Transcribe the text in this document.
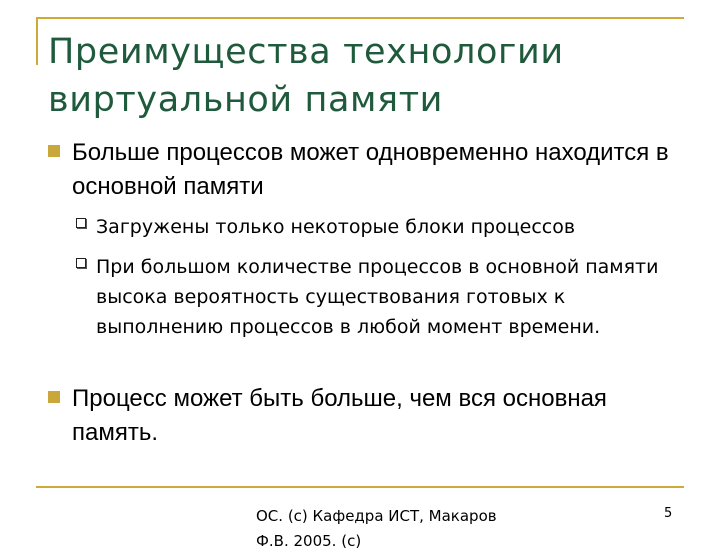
Преимущества технологии виртуальной памяти
Больше процессов может одновременно находится в основной памяти
Загружены только некоторые блоки процессов
При большом количестве процессов в основной памяти высока вероятность существования готовых к выполнению процессов в любой момент времени.
Процесс может быть больше, чем вся основная память.
ОС. (с) Кафедра ИСТ, Макаров Ф.В. 2005. (с)
5
